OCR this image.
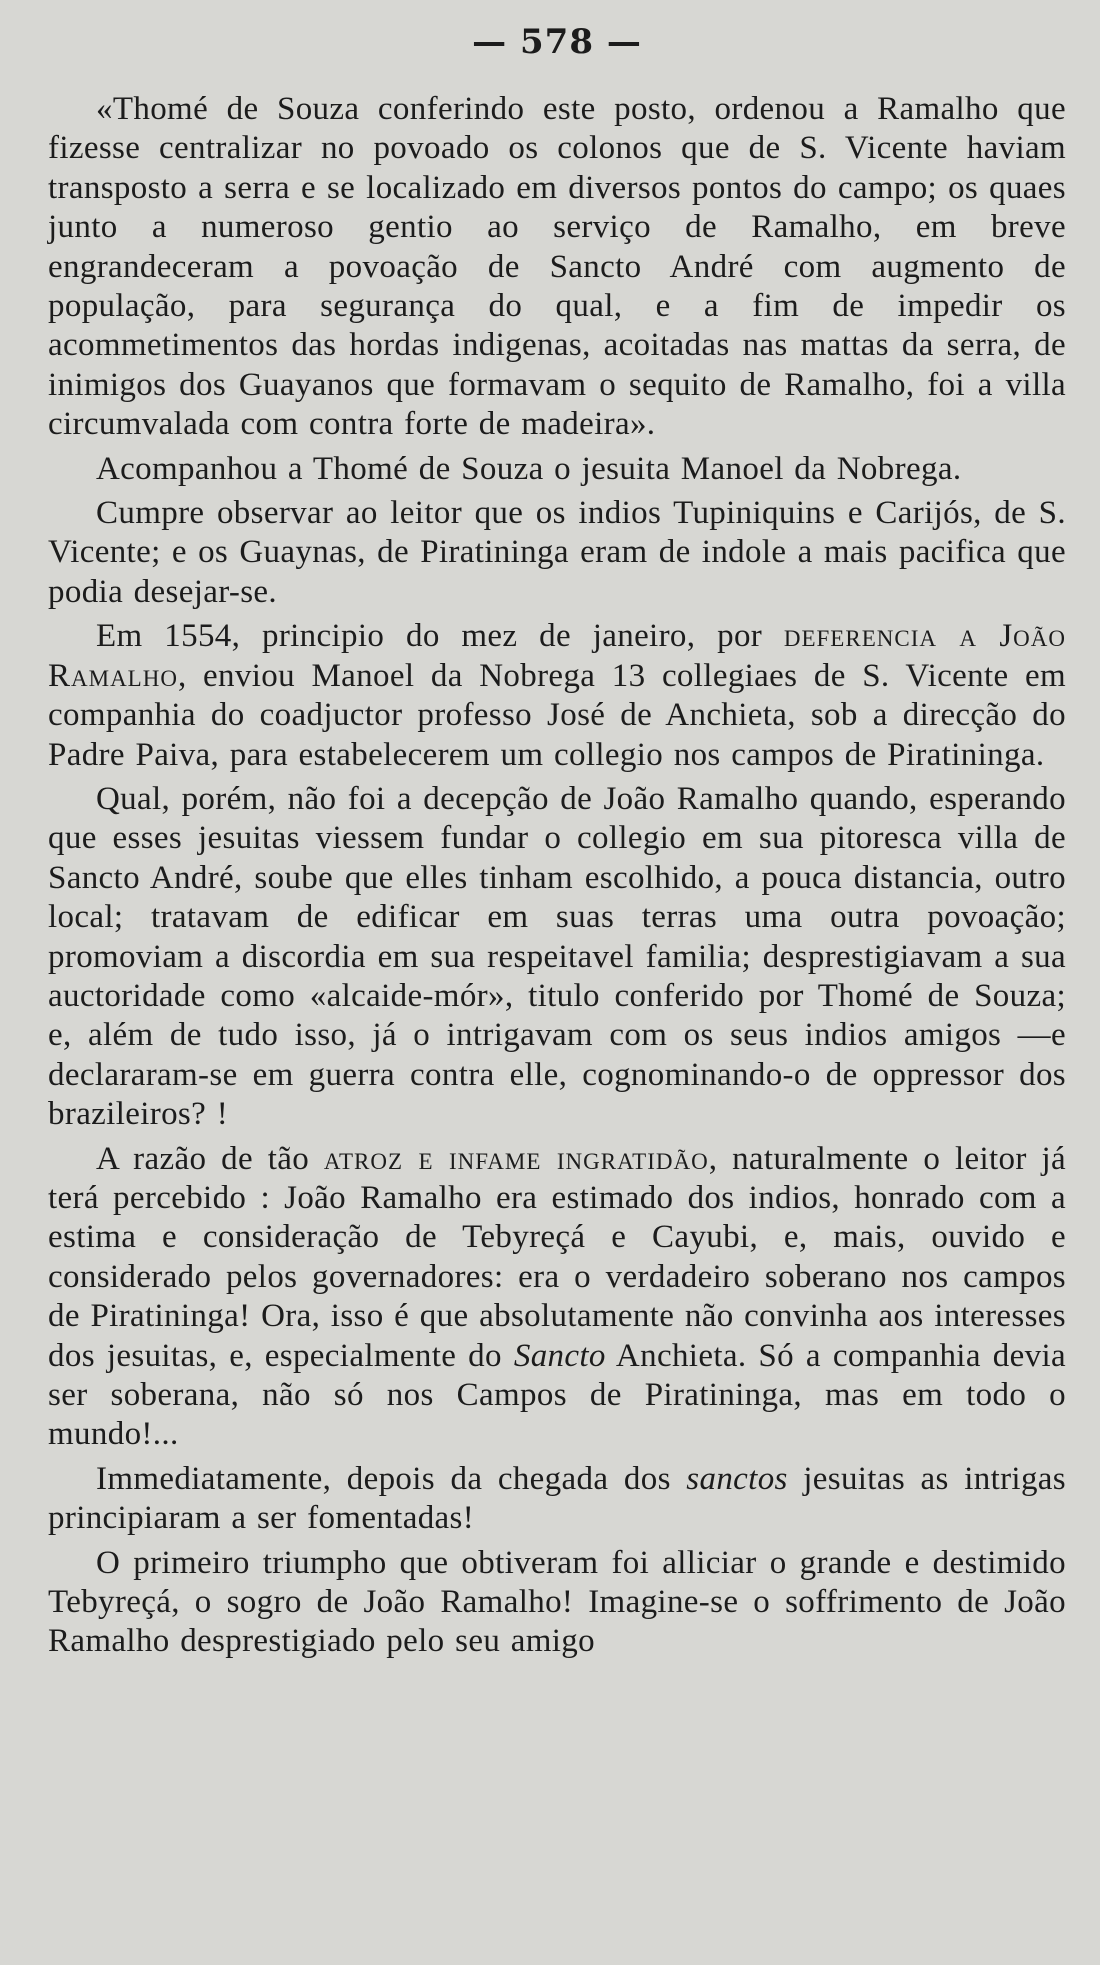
— 578 —

«Thomé de Souza conferindo este posto, ordenou a Ramalho que fizesse centralizar no povoado os colonos que de S. Vicente haviam transposto a serra e se localizado em diversos pontos do campo; os quaes junto a numeroso gentio ao serviço de Ramalho, em breve engrandeceram a povoação de Sancto André com augmento de população, para segurança do qual, e a fim de impedir os acommetimentos das hordas indigenas, acoitadas nas mattas da serra, de inimigos dos Guayanos que formavam o sequito de Ramalho, foi a villa circumvalada com contra forte de madeira».

Acompanhou a Thomé de Souza o jesuita Manoel da Nobrega.

Cumpre observar ao leitor que os indios Tupiniquins e Carijós, de S. Vicente; e os Guaynas, de Piratininga eram de indole a mais pacifica que podia desejar-se.

Em 1554, principio do mez de janeiro, por deferencia a João Ramalho, enviou Manoel da Nobrega 13 collegiaes de S. Vicente em companhia do coadjuctor professo José de Anchieta, sob a direcção do Padre Paiva, para estabelecerem um collegio nos campos de Piratininga.

Qual, porém, não foi a decepção de João Ramalho quando, esperando que esses jesuitas viessem fundar o collegio em sua pitoresca villa de Sancto André, soube que elles tinham escolhido, a pouca distancia, outro local; tratavam de edificar em suas terras uma outra povoação; promoviam a discordia em sua respeitavel familia; desprestigiavam a sua auctoridade como «alcaide-mór», titulo conferido por Thomé de Souza; e, além de tudo isso, já o intrigavam com os seus indios amigos —e declararam-se em guerra contra elle, cognominando-o de oppressor dos brazileiros? !

A razão de tão atroz e infame ingratidão, naturalmente o leitor já terá percebido : João Ramalho era estimado dos indios, honrado com a estima e consideração de Tebyreçá e Cayubi, e, mais, ouvido e considerado pelos governadores: era o verdadeiro soberano nos campos de Piratininga! Ora, isso é que absolutamente não convinha aos interesses dos jesuitas, e, especialmente do Sancto Anchieta. Só a companhia devia ser soberana, não só nos Campos de Piratininga, mas em todo o mundo!...

Immediatamente, depois da chegada dos sanctos jesuitas as intrigas principiaram a ser fomentadas!

O primeiro triumpho que obtiveram foi alliciar o grande e destimido Tebyreçá, o sogro de João Ramalho! Imagine-se o soffrimento de João Ramalho desprestigiado pelo seu amigo
